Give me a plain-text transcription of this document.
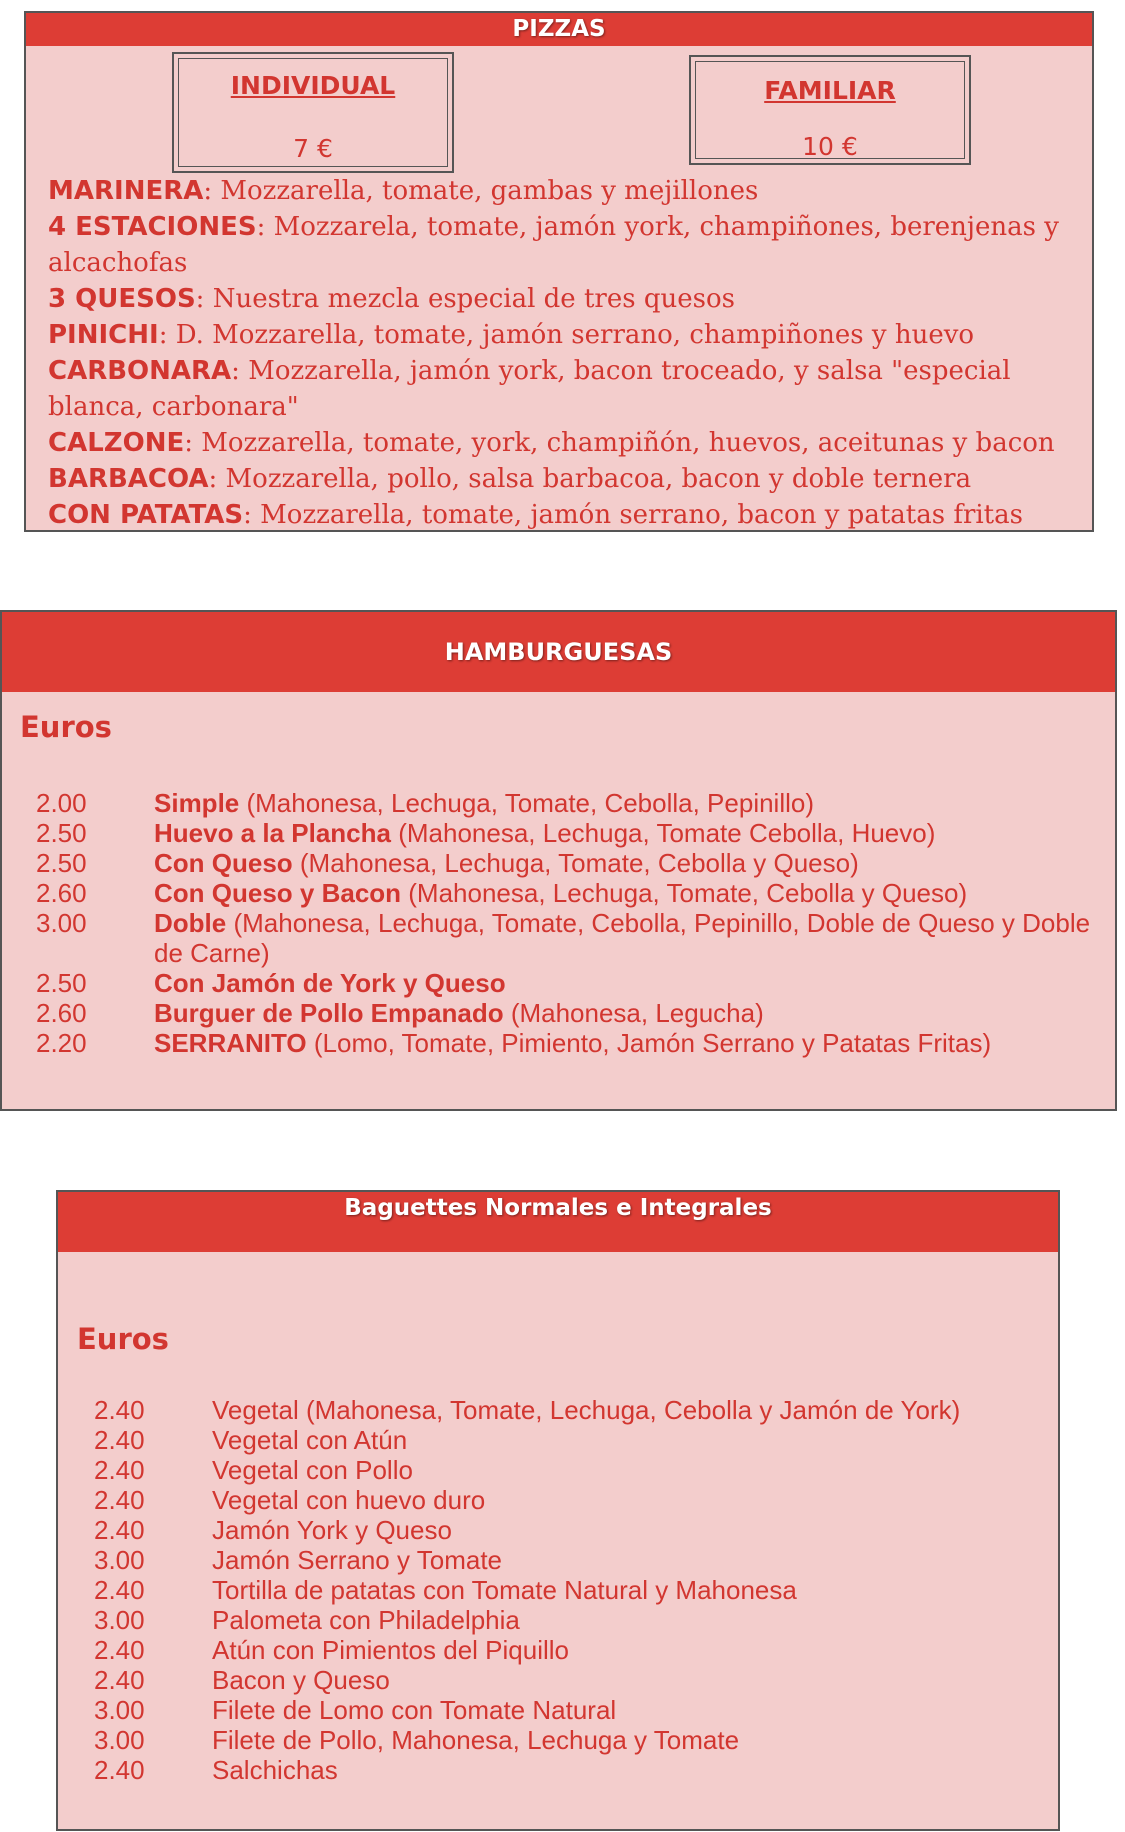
PIZZAS
INDIVIDUAL
7 €
FAMILIAR
10 €
MARINERA: Mozzarella, tomate, gambas y mejillones
4 ESTACIONES: Mozzarela, tomate, jamón york, champiñones, berenjenas y alcachofas
3 QUESOS: Nuestra mezcla especial de tres quesos
PINICHI: D. Mozzarella, tomate, jamón serrano, champiñones y huevo
CARBONARA: Mozzarella, jamón york, bacon troceado, y salsa "especial blanca, carbonara"
CALZONE: Mozzarella, tomate, york, champiñón, huevos, aceitunas y bacon
BARBACOA: Mozzarella, pollo, salsa barbacoa, bacon y doble ternera
CON PATATAS: Mozzarella, tomate, jamón serrano, bacon y patatas fritas
HAMBURGUESAS
Euros
2.00	Simple (Mahonesa, Lechuga, Tomate, Cebolla, Pepinillo)
2.50	Huevo a la Plancha (Mahonesa, Lechuga, Tomate Cebolla, Huevo)
2.50	Con Queso (Mahonesa, Lechuga, Tomate, Cebolla y Queso)
2.60	Con Queso y Bacon (Mahonesa, Lechuga, Tomate, Cebolla y Queso)
3.00	Doble (Mahonesa, Lechuga, Tomate, Cebolla, Pepinillo, Doble de Queso y Doble de Carne)
2.50	Con Jamón de York y Queso
2.60	Burguer de Pollo Empanado (Mahonesa, Legucha)
2.20	SERRANITO (Lomo, Tomate, Pimiento, Jamón Serrano y Patatas Fritas)
Baguettes Normales e Integrales
Euros
2.40	Vegetal (Mahonesa, Tomate, Lechuga, Cebolla y Jamón de York)
2.40	Vegetal con Atún
2.40	Vegetal con Pollo
2.40	Vegetal con huevo duro
2.40	Jamón York y Queso
3.00	Jamón Serrano y Tomate
2.40	Tortilla de patatas con Tomate Natural y Mahonesa
3.00	Palometa con Philadelphia
2.40	Atún con Pimientos del Piquillo
2.40	Bacon y Queso
3.00	Filete de Lomo con Tomate Natural
3.00	Filete de Pollo, Mahonesa, Lechuga y Tomate
2.40	Salchichas
